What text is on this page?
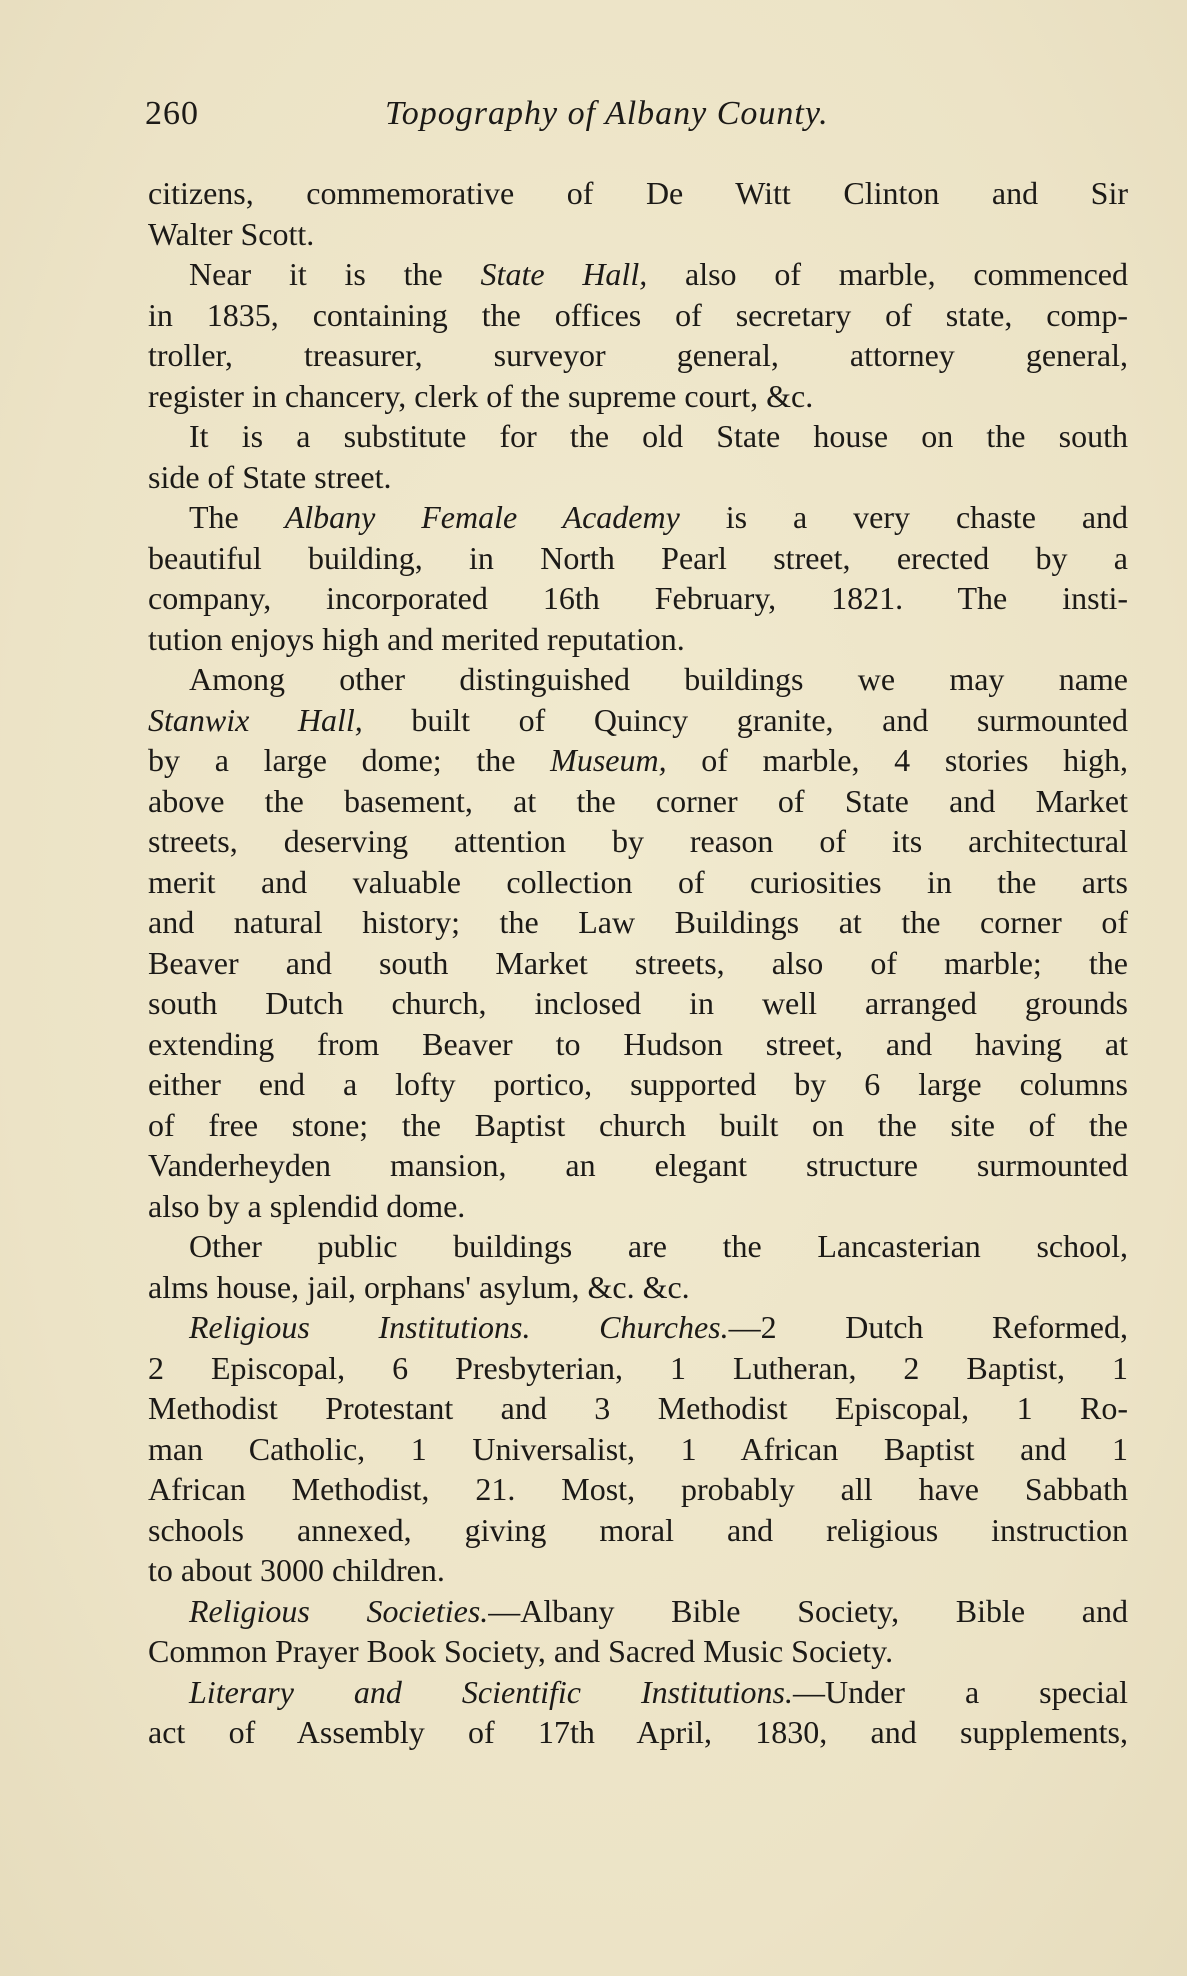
260	Topography of Albany County.
citizens, commemorative of De Witt Clinton and Sir
Walter Scott.
Near it is the State Hall, also of marble, commenced
in 1835, containing the offices of secretary of state, comp-
troller, treasurer, surveyor general, attorney general,
register in chancery, clerk of the supreme court, &c.
It is a substitute for the old State house on the south
side of State street.
The Albany Female Academy is a very chaste and
beautiful building, in North Pearl street, erected by a
company, incorporated 16th February, 1821. The insti-
tution enjoys high and merited reputation.
Among other distinguished buildings we may name
Stanwix Hall, built of Quincy granite, and surmounted
by a large dome; the Museum, of marble, 4 stories high,
above the basement, at the corner of State and Market
streets, deserving attention by reason of its architectural
merit and valuable collection of curiosities in the arts
and natural history; the Law Buildings at the corner of
Beaver and south Market streets, also of marble; the
south Dutch church, inclosed in well arranged grounds
extending from Beaver to Hudson street, and having at
either end a lofty portico, supported by 6 large columns
of free stone; the Baptist church built on the site of the
Vanderheyden mansion, an elegant structure surmounted
also by a splendid dome.
Other public buildings are the Lancasterian school,
alms house, jail, orphans' asylum, &c. &c.
Religious Institutions. Churches.—2 Dutch Reformed,
2 Episcopal, 6 Presbyterian, 1 Lutheran, 2 Baptist, 1
Methodist Protestant and 3 Methodist Episcopal, 1 Ro-
man Catholic, 1 Universalist, 1 African Baptist and 1
African Methodist, 21. Most, probably all have Sabbath
schools annexed, giving moral and religious instruction
to about 3000 children.
Religious Societies.—Albany Bible Society, Bible and
Common Prayer Book Society, and Sacred Music Society.
Literary and Scientific Institutions.—Under a special
act of Assembly of 17th April, 1830, and supplements,
